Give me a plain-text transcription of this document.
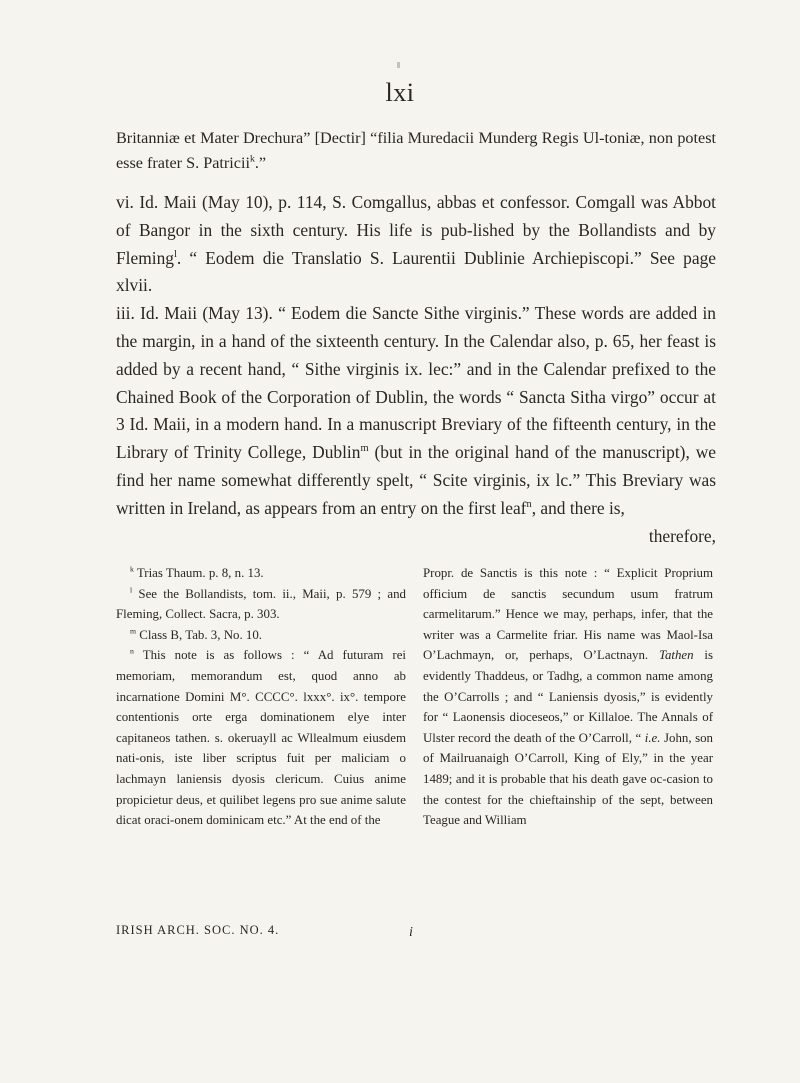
lxi
Britanniæ et Mater Drechura” [Dectir] “filia Muredacii Munderg Regis Ul-toniæ, non potest esse frater S. Patricii$^k$.”

vi. Id. Maii (May 10), p. 114, S. Comgallus, abbas et confessor. Comgall was Abbot of Bangor in the sixth century. His life is pub-lished by the Bollandists and by Fleming$^l$. “ Eodem die Translatio S. Laurentii Dublinie Archiepiscopi.” See page xlvii.

iii. Id. Maii (May 13). “ Eodem die Sancte Sithe virginis.” These words are added in the margin, in a hand of the sixteenth century. In the Calendar also, p. 65, her feast is added by a recent hand, “ Sithe virginis ix. lec:” and in the Calendar prefixed to the Chained Book of the Corporation of Dublin, the words “ Sancta Sitha virgo” occur at 3 Id. Maii, in a modern hand. In a manuscript Breviary of the fifteenth century, in the Library of Trinity College, Dublin$^m$ (but in the original hand of the manuscript), we find her name somewhat differently spelt, “ Scite virginis, ix lc.” This Breviary was written in Ireland, as appears from an entry on the first leaf$^n$, and there is,

therefore,

$^k$ Trias Thaum. p. 8, n. 13.

$^l$ See the Bollandists, tom. ii., Maii, p. 579 ; and Fleming, Collect. Sacra, p. 303.

$^m$ Class B, Tab. 3, No. 10.

$^n$ This note is as follows : “ Ad futuram rei memoriam, memorandum est, quod anno ab incarnatione Domini M°. CCCC°. lxxx°. ix°. tempore contentionis orte erga dominationem elye inter capitaneos tathen. s. okeruayll ac Wllealmum eiusdem nati-onis, iste liber scriptus fuit per maliciam o lachmayn laniensis dyosis clericum. Cuius anime propicietur deus, et quilibet legens pro sue anime salute dicat oraci-onem dominicam etc.” At the end of the

Propr. de Sanctis is this note : “ Explicit Proprium officium de sanctis secundum usum fratrum carmelitarum.” Hence we may, perhaps, infer, that the writer was a Carmelite friar. His name was Maol-Isa O’Lachmayn, or, perhaps, O’Lactnayn. Tathen is evidently Thaddeus, or Tadhg, a common name among the O’Carrolls ; and “ Laniensis dyosis,” is evidently for “ Laonensis dioceseos,” or Killaloe. The Annals of Ulster record the death of the O’Carroll, “ i.e. John, son of Mailruanaigh O’Carroll, King of Ely,” in the year 1489; and it is probable that his death gave oc-casion to the contest for the chieftainship of the sept, between Teague and William

IRISH ARCH. SOC. NO. 4.	i
